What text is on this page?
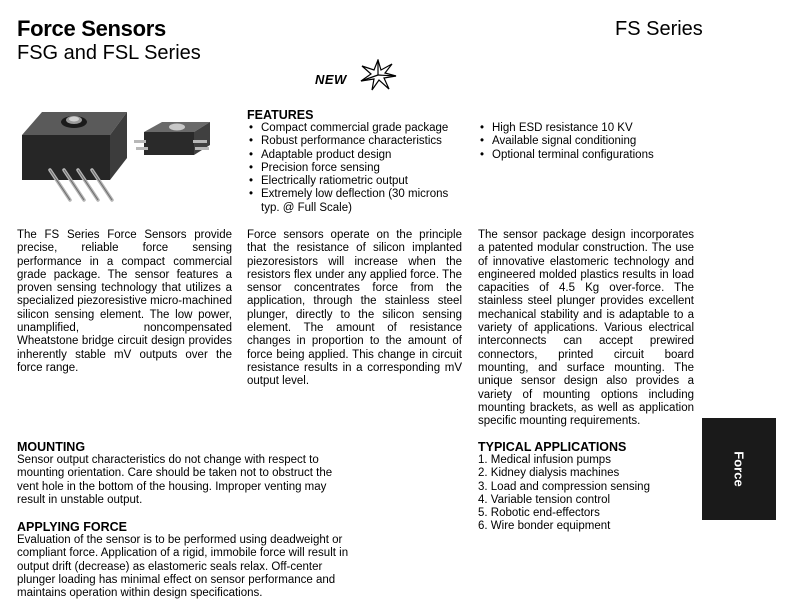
Force Sensors
FSG and FSL Series
FS Series
NEW
FEATURES
• Compact commercial grade package
• Robust performance characteristics
• Adaptable product design
• Precision force sensing
• Electrically ratiometric output
• Extremely low deflection (30 microns typ. @ Full Scale)
• High ESD resistance 10 KV
• Available signal conditioning
• Optional terminal configurations
The FS Series Force Sensors provide precise, reliable force sensing performance in a compact commercial grade package. The sensor features a proven sensing technology that utilizes a specialized piezoresistive micro-machined silicon sensing element. The low power, unamplified, noncompensated Wheatstone bridge circuit design provides inherently stable mV outputs over the force range.
Force sensors operate on the principle that the resistance of silicon implanted piezoresistors will increase when the resistors flex under any applied force. The sensor concentrates force from the application, through the stainless steel plunger, directly to the silicon sensing element. The amount of resistance changes in proportion to the amount of force being applied. This change in circuit resistance results in a corresponding mV output level.
The sensor package design incorporates a patented modular construction. The use of innovative elastomeric technology and engineered molded plastics results in load capacities of 4.5 Kg over-force. The stainless steel plunger provides excellent mechanical stability and is adaptable to a variety of applications. Various electrical interconnects can accept prewired connectors, printed circuit board mounting, and surface mounting. The unique sensor design also provides a variety of mounting options including mounting brackets, as well as application specific mounting requirements.
MOUNTING
Sensor output characteristics do not change with respect to mounting orientation. Care should be taken not to obstruct the vent hole in the bottom of the housing. Improper venting may result in unstable output.
APPLYING FORCE
Evaluation of the sensor is to be performed using deadweight or compliant force. Application of a rigid, immobile force will result in output drift (decrease) as elastomeric seals relax. Off-center plunger loading has minimal effect on sensor performance and maintains operation within design specifications.
TYPICAL APPLICATIONS
1. Medical infusion pumps
2. Kidney dialysis machines
3. Load and compression sensing
4. Variable tension control
5. Robotic end-effectors
6. Wire bonder equipment
Force
